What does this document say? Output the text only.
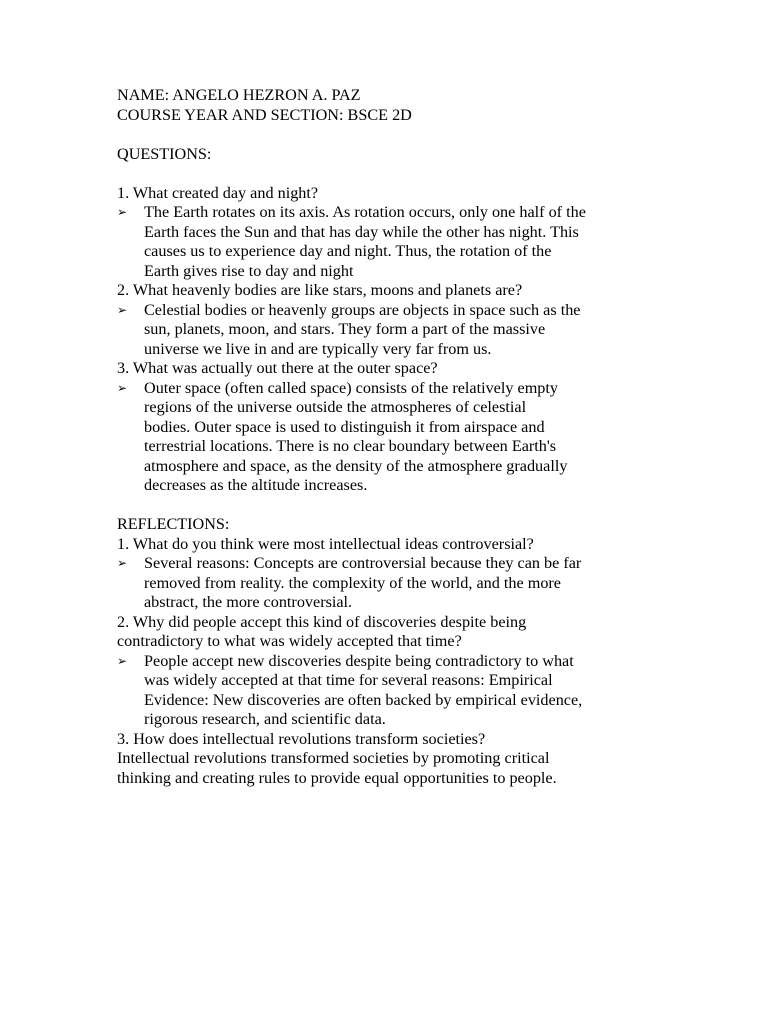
NAME: ANGELO HEZRON A. PAZ
COURSE YEAR AND SECTION: BSCE 2D
QUESTIONS:
1. What created day and night?
➢ The Earth rotates on its axis. As rotation occurs, only one half of the
Earth faces the Sun and that has day while the other has night. This
causes us to experience day and night. Thus, the rotation of the
Earth gives rise to day and night
2. What heavenly bodies are like stars, moons and planets are?
➢ Celestial bodies or heavenly groups are objects in space such as the
sun, planets, moon, and stars. They form a part of the massive
universe we live in and are typically very far from us.
3. What was actually out there at the outer space?
➢ Outer space (often called space) consists of the relatively empty
regions of the universe outside the atmospheres of celestial
bodies. Outer space is used to distinguish it from airspace and
terrestrial locations. There is no clear boundary between Earth's
atmosphere and space, as the density of the atmosphere gradually
decreases as the altitude increases.
REFLECTIONS:
1. What do you think were most intellectual ideas controversial?
➢ Several reasons: Concepts are controversial because they can be far
removed from reality. the complexity of the world, and the more
abstract, the more controversial.
2. Why did people accept this kind of discoveries despite being
contradictory to what was widely accepted that time?
➢ People accept new discoveries despite being contradictory to what
was widely accepted at that time for several reasons: Empirical
Evidence: New discoveries are often backed by empirical evidence,
rigorous research, and scientific data.
3. How does intellectual revolutions transform societies?
Intellectual revolutions transformed societies by promoting critical
thinking and creating rules to provide equal opportunities to people.
